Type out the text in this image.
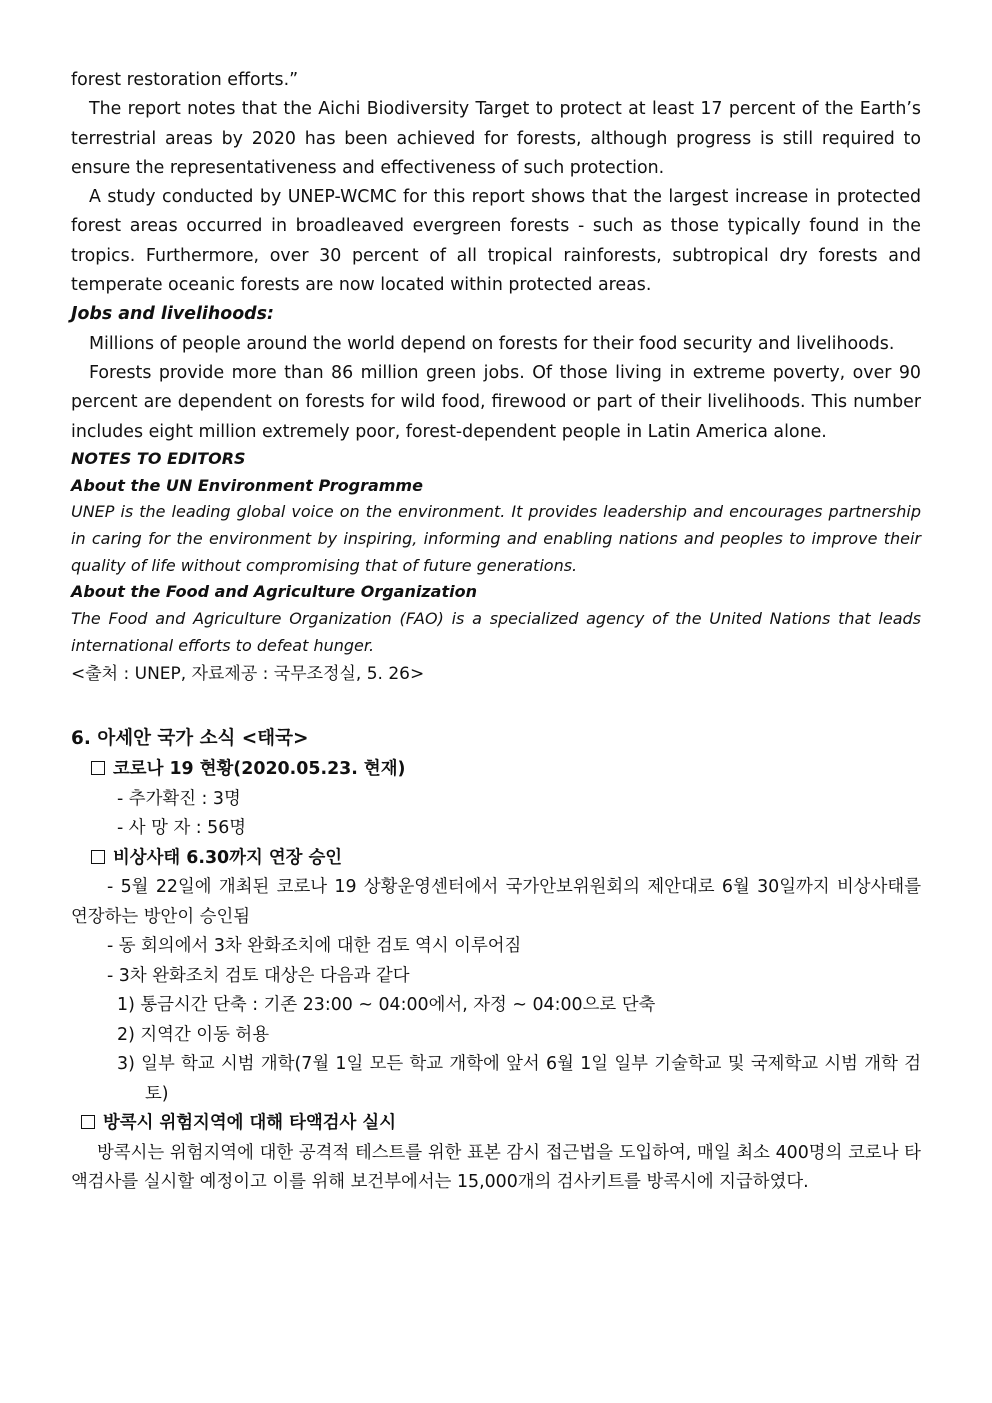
forest restoration efforts.”

The report notes that the Aichi Biodiversity Target to protect at least 17 percent of the Earth’s terrestrial areas by 2020 has been achieved for forests, although progress is still required to ensure the representativeness and effectiveness of such protection.

A study conducted by UNEP-WCMC for this report shows that the largest increase in protected forest areas occurred in broadleaved evergreen forests - such as those typically found in the tropics. Furthermore, over 30 percent of all tropical rainforests, subtropical dry forests and temperate oceanic forests are now located within protected areas.

Jobs and livelihoods:

Millions of people around the world depend on forests for their food security and livelihoods.

Forests provide more than 86 million green jobs. Of those living in extreme poverty, over 90 percent are dependent on forests for wild food, firewood or part of their livelihoods. This number includes eight million extremely poor, forest-dependent people in Latin America alone.

NOTES TO EDITORS

About the UN Environment Programme

UNEP is the leading global voice on the environment. It provides leadership and encourages partnership in caring for the environment by inspiring, informing and enabling nations and peoples to improve their quality of life without compromising that of future generations.

About the Food and Agriculture Organization

The Food and Agriculture Organization (FAO) is a specialized agency of the United Nations that leads international efforts to defeat hunger.

<출처 : UNEP, 자료제공 : 국무조정실, 5. 26>

6. 아세안 국가 소식 <태국>

코로나 19 현황(2020.05.23. 현재)

- 추가확진 : 3명

- 사 망 자 : 56명

비상사태 6.30까지 연장 승인

- 5월 22일에 개최된 코로나 19 상황운영센터에서 국가안보위원회의 제안대로 6월 30일까지 비상사태를 연장하는 방안이 승인됨

- 동 회의에서 3차 완화조치에 대한 검토 역시 이루어짐

- 3차 완화조치 검토 대상은 다음과 같다

1) 통금시간 단축 : 기존 23:00 ~ 04:00에서, 자정 ~ 04:00으로 단축

2) 지역간 이동 허용

3) 일부 학교 시범 개학(7월 1일 모든 학교 개학에 앞서 6월 1일 일부 기술학교 및 국제학교 시범 개학 검토)

방콕시 위험지역에 대해 타액검사 실시

방콕시는 위험지역에 대한 공격적 테스트를 위한 표본 감시 접근법을 도입하여, 매일 최소 400명의 코로나 타액검사를 실시할 예정이고 이를 위해 보건부에서는 15,000개의 검사키트를 방콕시에 지급하였다.
